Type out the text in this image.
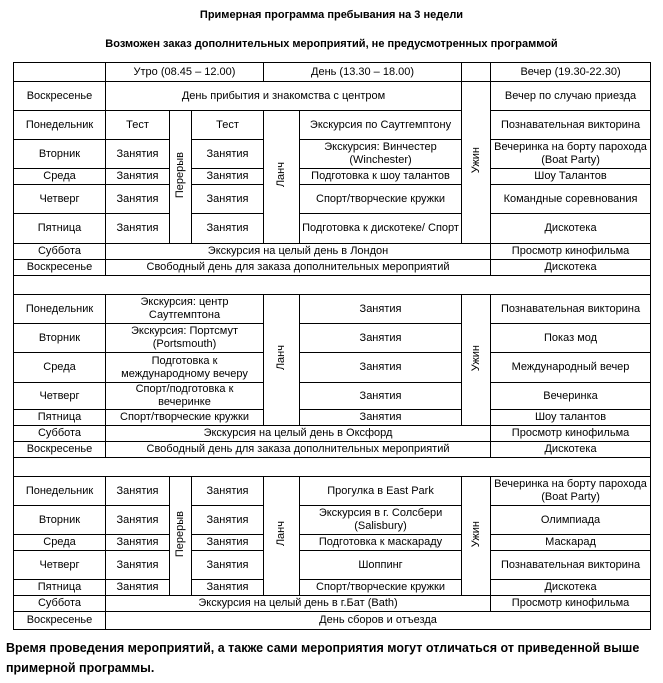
Примерная программа пребывания на 3 недели
Возможен заказ дополнительных мероприятий, не предусмотренных программой
	Утро (08.45 – 12.00)			День (13.30 – 18.00)			Вечер (19.30-22.30)
Воскресенье	День прибытия и знакомства с центром					Ужин	Вечер по случаю приезда
Понедельник	Тест	Перерыв	Тест	Ланч	Экскурсия по Саутгемптону		Познавательная викторина
Вторник	Занятия		Занятия		Экскурсия: Винчестер (Winchester)		Вечеринка на борту парохода (Boat Party)
Среда	Занятия		Занятия		Подготовка к шоу талантов		Шоу Талантов
Четверг	Занятия		Занятия		Спорт/творческие кружки		Командные соревнования
Пятница	Занятия		Занятия		Подготовка к дискотеке/ Спорт		Дискотека
Суббота	Экскурсия на целый день в Лондон						Просмотр кинофильма
Воскресенье	Свободный день для заказа дополнительных мероприятий						Дискотека

Понедельник	Экскурсия: центр Саутгемптона			Ланч	Занятия	Ужин	Познавательная викторина
Вторник	Экскурсия: Портсмут (Portsmouth)				Занятия		Показ мод
Среда	Подготовка к международному вечеру				Занятия		Международный вечер
Четверг	Спорт/подготовка к вечеринке				Занятия		Вечеринка
Пятница	Спорт/творческие кружки				Занятия		Шоу талантов
Суббота	Экскурсия на целый день в Оксфорд						Просмотр кинофильма
Воскресенье	Свободный день для заказа дополнительных мероприятий						Дискотека

Понедельник	Занятия	Перерыв	Занятия	Ланч	Прогулка в East Park	Ужин	Вечеринка на борту парохода (Boat Party)
Вторник	Занятия		Занятия		Экскурсия в г. Солсбери (Salisbury)		Олимпиада
Среда	Занятия		Занятия		Подготовка к маскараду		Маскарад
Четверг	Занятия		Занятия		Шоппинг		Познавательная викторина
Пятница	Занятия		Занятия		Спорт/творческие кружки		Дискотека
Суббота	Экскурсия на целый день в г.Бат (Bath)						Просмотр кинофильма
Воскресенье	День сборов и отъезда						
Время проведения мероприятий, а также сами мероприятия могут отличаться от приведенной выше примерной программы.
